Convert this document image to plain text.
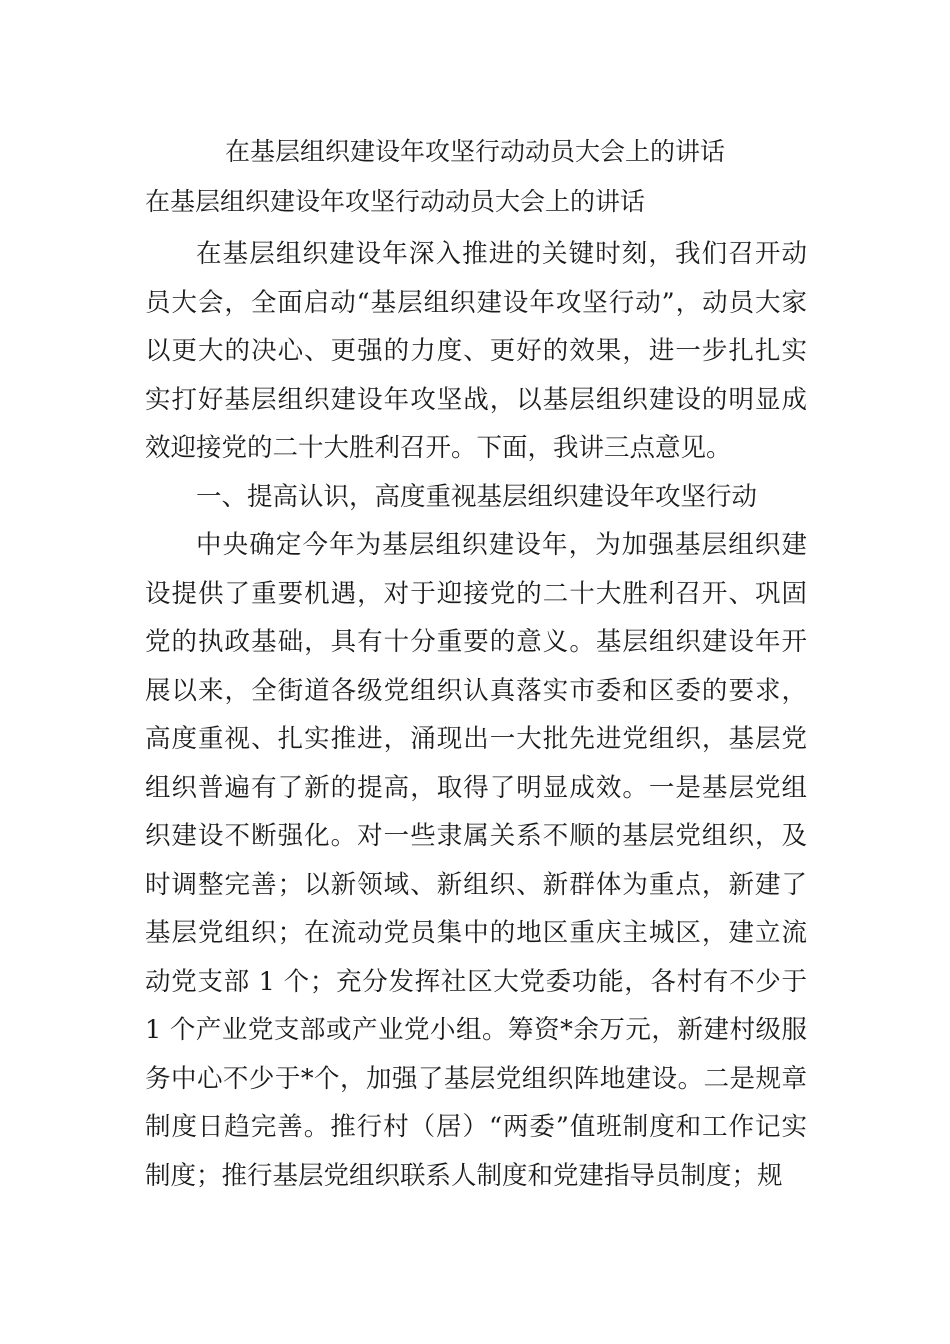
在基层组织建设年攻坚行动动员大会上的讲话

在基层组织建设年攻坚行动动员大会上的讲话

在基层组织建设年深入推进的关键时刻，我们召开动员大会，全面启动“基层组织建设年攻坚行动”，动员大家以更大的决心、更强的力度、更好的效果，进一步扎扎实实打好基层组织建设年攻坚战，以基层组织建设的明显成效迎接党的二十大胜利召开。下面，我讲三点意见。

一、提高认识，高度重视基层组织建设年攻坚行动

中央确定今年为基层组织建设年，为加强基层组织建设提供了重要机遇，对于迎接党的二十大胜利召开、巩固党的执政基础，具有十分重要的意义。基层组织建设年开展以来，全街道各级党组织认真落实市委和区委的要求，高度重视、扎实推进，涌现出一大批先进党组织，基层党组织普遍有了新的提高，取得了明显成效。一是基层党组织建设不断强化。对一些隶属关系不顺的基层党组织，及时调整完善；以新领域、新组织、新群体为重点，新建了基层党组织；在流动党员集中的地区重庆主城区，建立流动党支部 1 个；充分发挥社区大党委功能，各村有不少于 1 个产业党支部或产业党小组。筹资*余万元，新建村级服务中心不少于*个，加强了基层党组织阵地建设。二是规章制度日趋完善。推行村（居）“两委”值班制度和工作记实制度；推行基层党组织联系人制度和党建指导员制度；规
